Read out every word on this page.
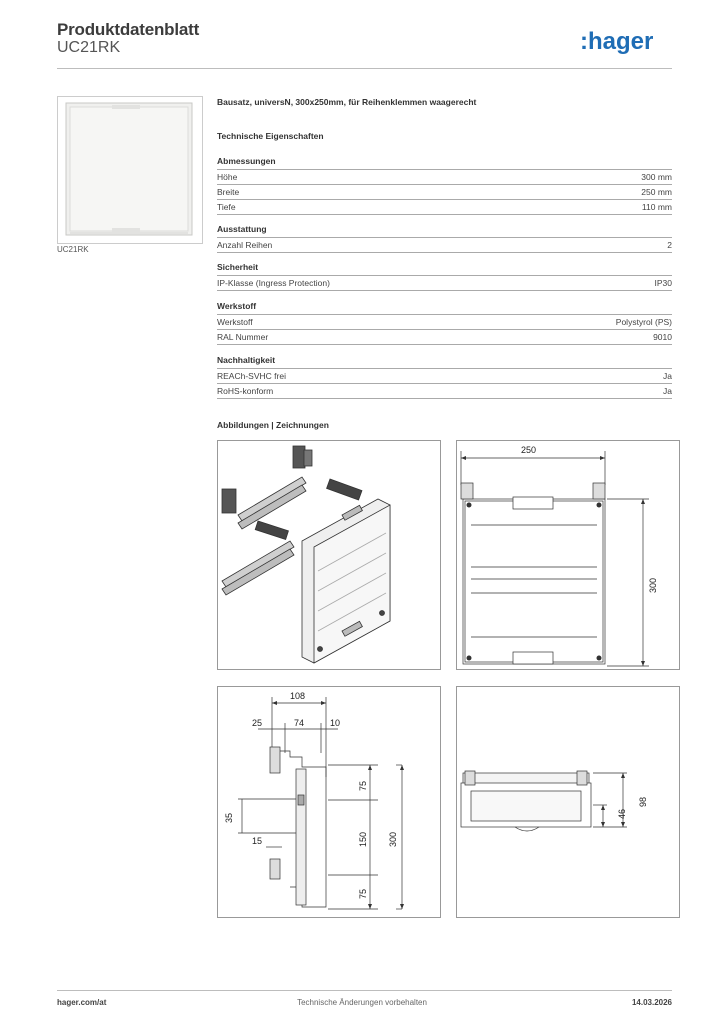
Produktdatenblatt
UC21RK	:hager
UC21RK
Bausatz, universN, 300x250mm, für Reihenklemmen waagerecht
Technische Eigenschaften
Abmessungen
Höhe	300 mm
Breite	250 mm
Tiefe	110 mm
Ausstattung
Anzahl Reihen	2
Sicherheit
IP-Klasse (Ingress Protection)	IP30
Werkstoff
Werkstoff	Polystyrol (PS)
RAL Nummer	9010
Nachhaltigkeit
REACh-SVHC frei	Ja
RoHS-konform	Ja
Abbildungen | Zeichnungen
250
300
108
25	74	10
35
15
75
150
75
300
46
98
hager.com/at	Technische Änderungen vorbehalten	14.03.2026
